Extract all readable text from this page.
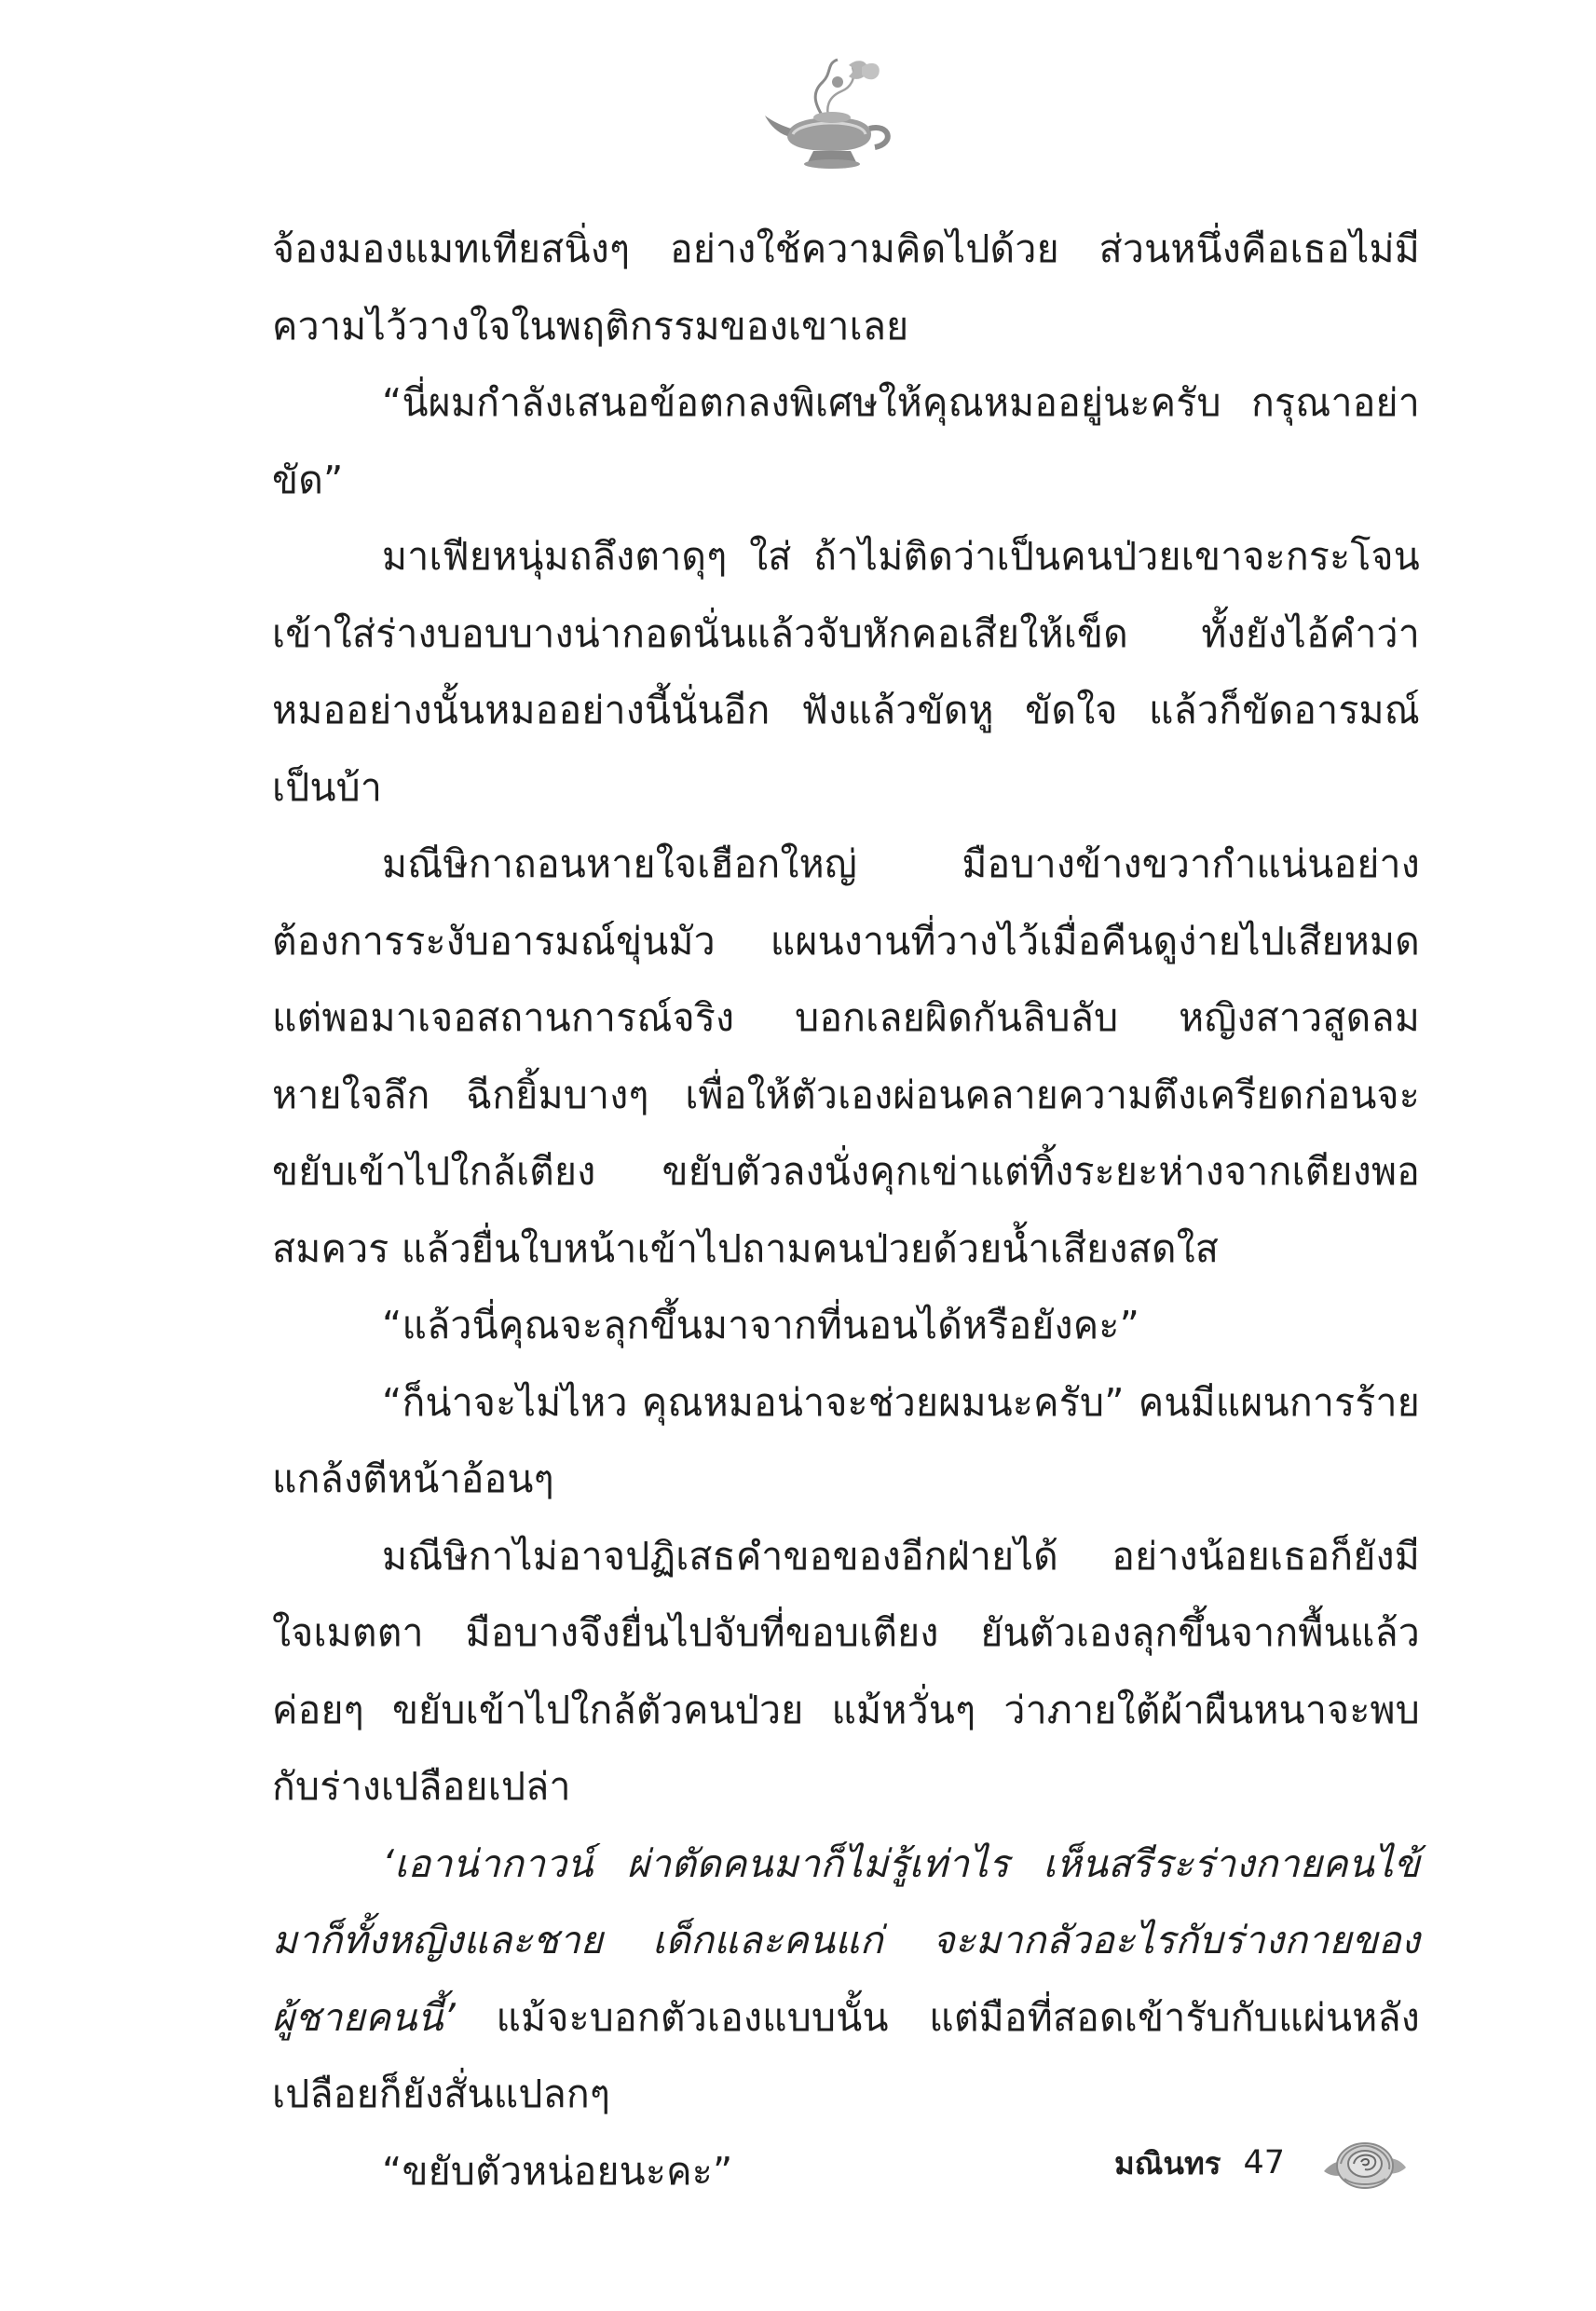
จ้องมองแมทเทียสนิ่งๆ อย่างใช้ความคิดไปด้วย ส่วนหนึ่งคือเธอไม่มีความไว้วางใจในพฤติกรรมของเขาเลย

“นี่ผมกำลังเสนอข้อตกลงพิเศษให้คุณหมออยู่นะครับ กรุณาอย่าขัด”

มาเฟียหนุ่มถลึงตาดุๆ ใส่ ถ้าไม่ติดว่าเป็นคนป่วยเขาจะกระโจนเข้าใส่ร่างบอบบางน่ากอดนั่นแล้วจับหักคอเสียให้เข็ด ทั้งยังไอ้คำว่าหมออย่างนั้นหมออย่างนี้นั่นอีก ฟังแล้วขัดหู ขัดใจ แล้วก็ขัดอารมณ์เป็นบ้า

มณีษิกาถอนหายใจเฮือกใหญ่ มือบางข้างขวากำแน่นอย่างต้องการระงับอารมณ์ขุ่นมัว แผนงานที่วางไว้เมื่อคืนดูง่ายไปเสียหมด แต่พอมาเจอสถานการณ์จริง บอกเลยผิดกันลิบลับ หญิงสาวสูดลมหายใจลึก ฉีกยิ้มบางๆ เพื่อให้ตัวเองผ่อนคลายความตึงเครียดก่อนจะขยับเข้าไปใกล้เตียง ขยับตัวลงนั่งคุกเข่าแต่ทิ้งระยะห่างจากเตียงพอสมควร แล้วยื่นใบหน้าเข้าไปถามคนป่วยด้วยน้ำเสียงสดใส

“แล้วนี่คุณจะลุกขึ้นมาจากที่นอนได้หรือยังคะ”

“ก็น่าจะไม่ไหว คุณหมอน่าจะช่วยผมนะครับ” คนมีแผนการร้ายแกล้งตีหน้าอ้อนๆ

มณีษิกาไม่อาจปฏิเสธคำขอของอีกฝ่ายได้ อย่างน้อยเธอก็ยังมีใจเมตตา มือบางจึงยื่นไปจับที่ขอบเตียง ยันตัวเองลุกขึ้นจากพื้นแล้วค่อยๆ ขยับเข้าไปใกล้ตัวคนป่วย แม้หวั่นๆ ว่าภายใต้ผ้าผืนหนาจะพบกับร่างเปลือยเปล่า

‘เอาน่ากาวน์ ผ่าตัดคนมาก็ไม่รู้เท่าไร เห็นสรีระร่างกายคนไข้มาก็ทั้งหญิงและชาย เด็กและคนแก่ จะมากลัวอะไรกับร่างกายของผู้ชายคนนี้’ แม้จะบอกตัวเองแบบนั้น แต่มือที่สอดเข้ารับกับแผ่นหลังเปลือยก็ยังสั่นแปลกๆ

“ขยับตัวหน่อยนะคะ”	มณินทร 47
